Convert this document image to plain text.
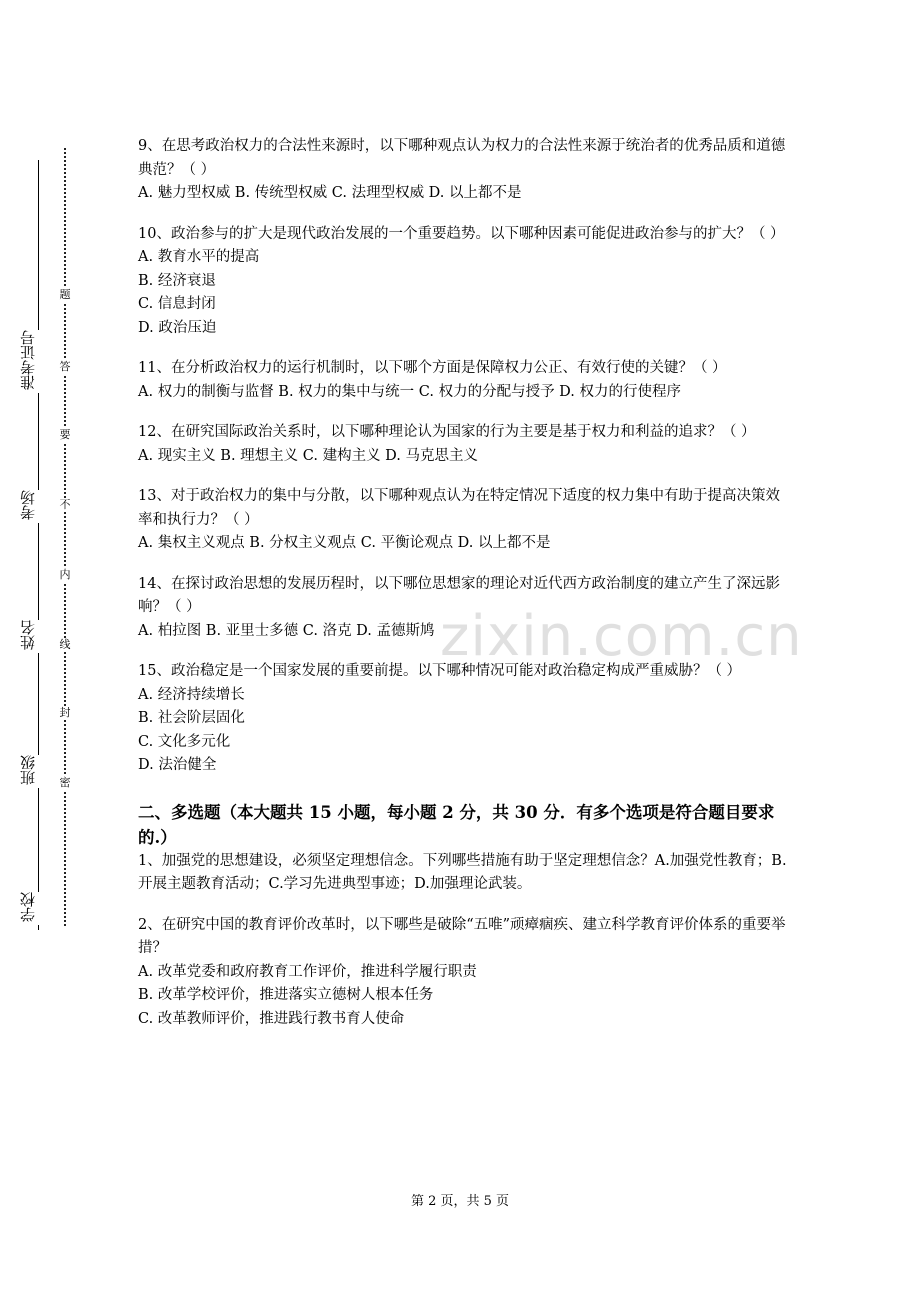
准考证号
考场
姓名
班级
学校
题
答
要
不
内
线
封
密
zixin.com.cn

9、在思考政治权力的合法性来源时，以下哪种观点认为权力的合法性来源于统治者的优秀品质和道德典范？（ ）

A. 魅力型权威 B. 传统型权威 C. 法理型权威 D. 以上都不是

10、政治参与的扩大是现代政治发展的一个重要趋势。以下哪种因素可能促进政治参与的扩大？（ ）

A. 教育水平的提高

B. 经济衰退

C. 信息封闭

D. 政治压迫

11、在分析政治权力的运行机制时，以下哪个方面是保障权力公正、有效行使的关键？（ ）

A. 权力的制衡与监督 B. 权力的集中与统一 C. 权力的分配与授予 D. 权力的行使程序

12、在研究国际政治关系时，以下哪种理论认为国家的行为主要是基于权力和利益的追求？（ ）

A. 现实主义 B. 理想主义 C. 建构主义 D. 马克思主义

13、对于政治权力的集中与分散，以下哪种观点认为在特定情况下适度的权力集中有助于提高决策效率和执行力？（ ）

A. 集权主义观点 B. 分权主义观点 C. 平衡论观点 D. 以上都不是

14、在探讨政治思想的发展历程时，以下哪位思想家的理论对近代西方政治制度的建立产生了深远影响？（ ）

A. 柏拉图 B. 亚里士多德 C. 洛克 D. 孟德斯鸠

15、政治稳定是一个国家发展的重要前提。以下哪种情况可能对政治稳定构成严重威胁？（ ）

A. 经济持续增长

B. 社会阶层固化

C. 文化多元化

D. 法治健全

二、多选题（本大题共 15 小题，每小题 2 分，共 30 分．有多个选项是符合题目要求的.）

1、加强党的思想建设，必须坚定理想信念。下列哪些措施有助于坚定理想信念？A.加强党性教育；B.开展主题教育活动；C.学习先进典型事迹；D.加强理论武装。

2、在研究中国的教育评价改革时，以下哪些是破除“五唯”顽瘴痼疾、建立科学教育评价体系的重要举措？

A. 改革党委和政府教育工作评价，推进科学履行职责

B. 改革学校评价，推进落实立德树人根本任务

C. 改革教师评价，推进践行教书育人使命

第 2 页，共 5 页
